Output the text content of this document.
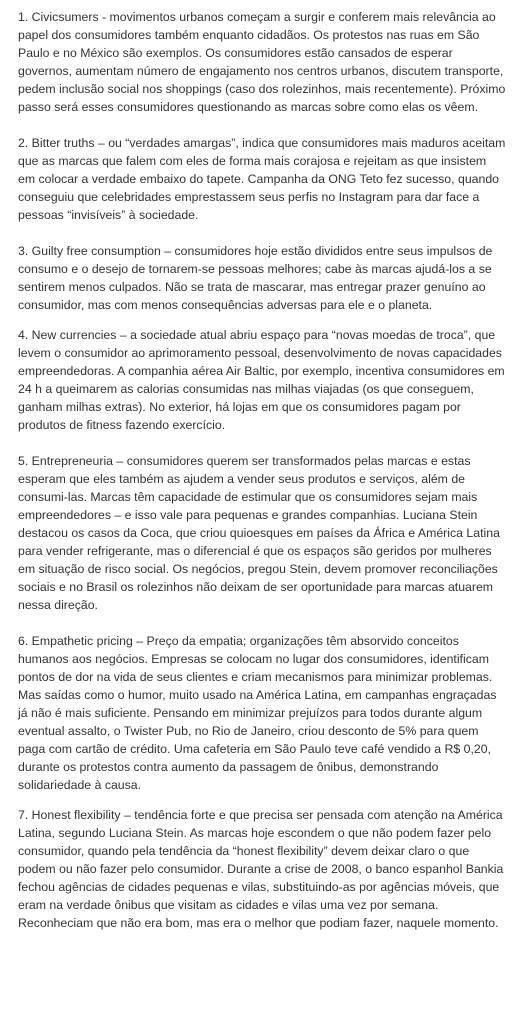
1. Civicsumers - movimentos urbanos começam a surgir e conferem mais relevância ao papel dos consumidores também enquanto cidadãos. Os protestos nas ruas em São Paulo e no México são exemplos. Os consumidores estão cansados de esperar governos, aumentam número de engajamento nos centros urbanos, discutem transporte, pedem inclusão social nos shoppings (caso dos rolezinhos, mais recentemente). Próximo passo será esses consumidores questionando as marcas sobre como elas os vêem.

2. Bitter truths – ou “verdades amargas”, indica que consumidores mais maduros aceitam que as marcas que falem com eles de forma mais corajosa e rejeitam as que insistem em colocar a verdade embaixo do tapete. Campanha da ONG Teto fez sucesso, quando conseguiu que celebridades emprestassem seus perfis no Instagram para dar face a pessoas “invisíveis” à sociedade.

3. Guilty free consumption – consumidores hoje estão divididos entre seus impulsos de consumo e o desejo de tornarem-se pessoas melhores; cabe às marcas ajudá-los a se sentirem menos culpados. Não se trata de mascarar, mas entregar prazer genuíno ao consumidor, mas com menos consequências adversas para ele e o planeta.

4. New currencies – a sociedade atual abriu espaço para “novas moedas de troca”, que levem o consumidor ao aprimoramento pessoal, desenvolvimento de novas capacidades empreendedoras. A companhia aérea Air Baltic, por exemplo, incentiva consumidores em 24 h a queimarem as calorias consumidas nas milhas viajadas (os que conseguem, ganham milhas extras). No exterior, há lojas em que os consumidores pagam por produtos de fitness fazendo exercício.

5. Entrepreneuria – consumidores querem ser transformados pelas marcas e estas esperam que eles também as ajudem a vender seus produtos e serviços, além de consumi-las. Marcas têm capacidade de estimular que os consumidores sejam mais empreendedores – e isso vale para pequenas e grandes companhias. Luciana Stein destacou os casos da Coca, que criou quioesques em países da África e América Latina para vender refrigerante, mas o diferencial é que os espaços são geridos por mulheres em situação de risco social. Os negócios, pregou Stein, devem promover reconciliações sociais e no Brasil os rolezinhos não deixam de ser oportunidade para marcas atuarem nessa direção.

6. Empathetic pricing – Preço da empatia; organizações têm absorvido conceitos humanos aos negócios. Empresas se colocam no lugar dos consumidores, identificam pontos de dor na vida de seus clientes e criam mecanismos para minimizar problemas. Mas saídas como o humor, muito usado na América Latina, em campanhas engraçadas já não é mais suficiente. Pensando em minimizar prejuízos para todos durante algum eventual assalto, o Twister Pub, no Rio de Janeiro, criou desconto de 5% para quem paga com cartão de crédito. Uma cafeteria em São Paulo teve café vendido a R$ 0,20, durante os protestos contra aumento da passagem de ônibus, demonstrando solidariedade à causa.

7. Honest flexibility – tendência forte e que precisa ser pensada com atenção na América Latina, segundo Luciana Stein. As marcas hoje escondem o que não podem fazer pelo consumidor, quando pela tendência da “honest flexibility” devem deixar claro o que podem ou não fazer pelo consumidor. Durante a crise de 2008, o banco espanhol Bankia fechou agências de cidades pequenas e vilas, substituindo-as por agências móveis, que eram na verdade ônibus que visitam as cidades e vilas uma vez por semana. Reconheciam que não era bom, mas era o melhor que podiam fazer, naquele momento.
